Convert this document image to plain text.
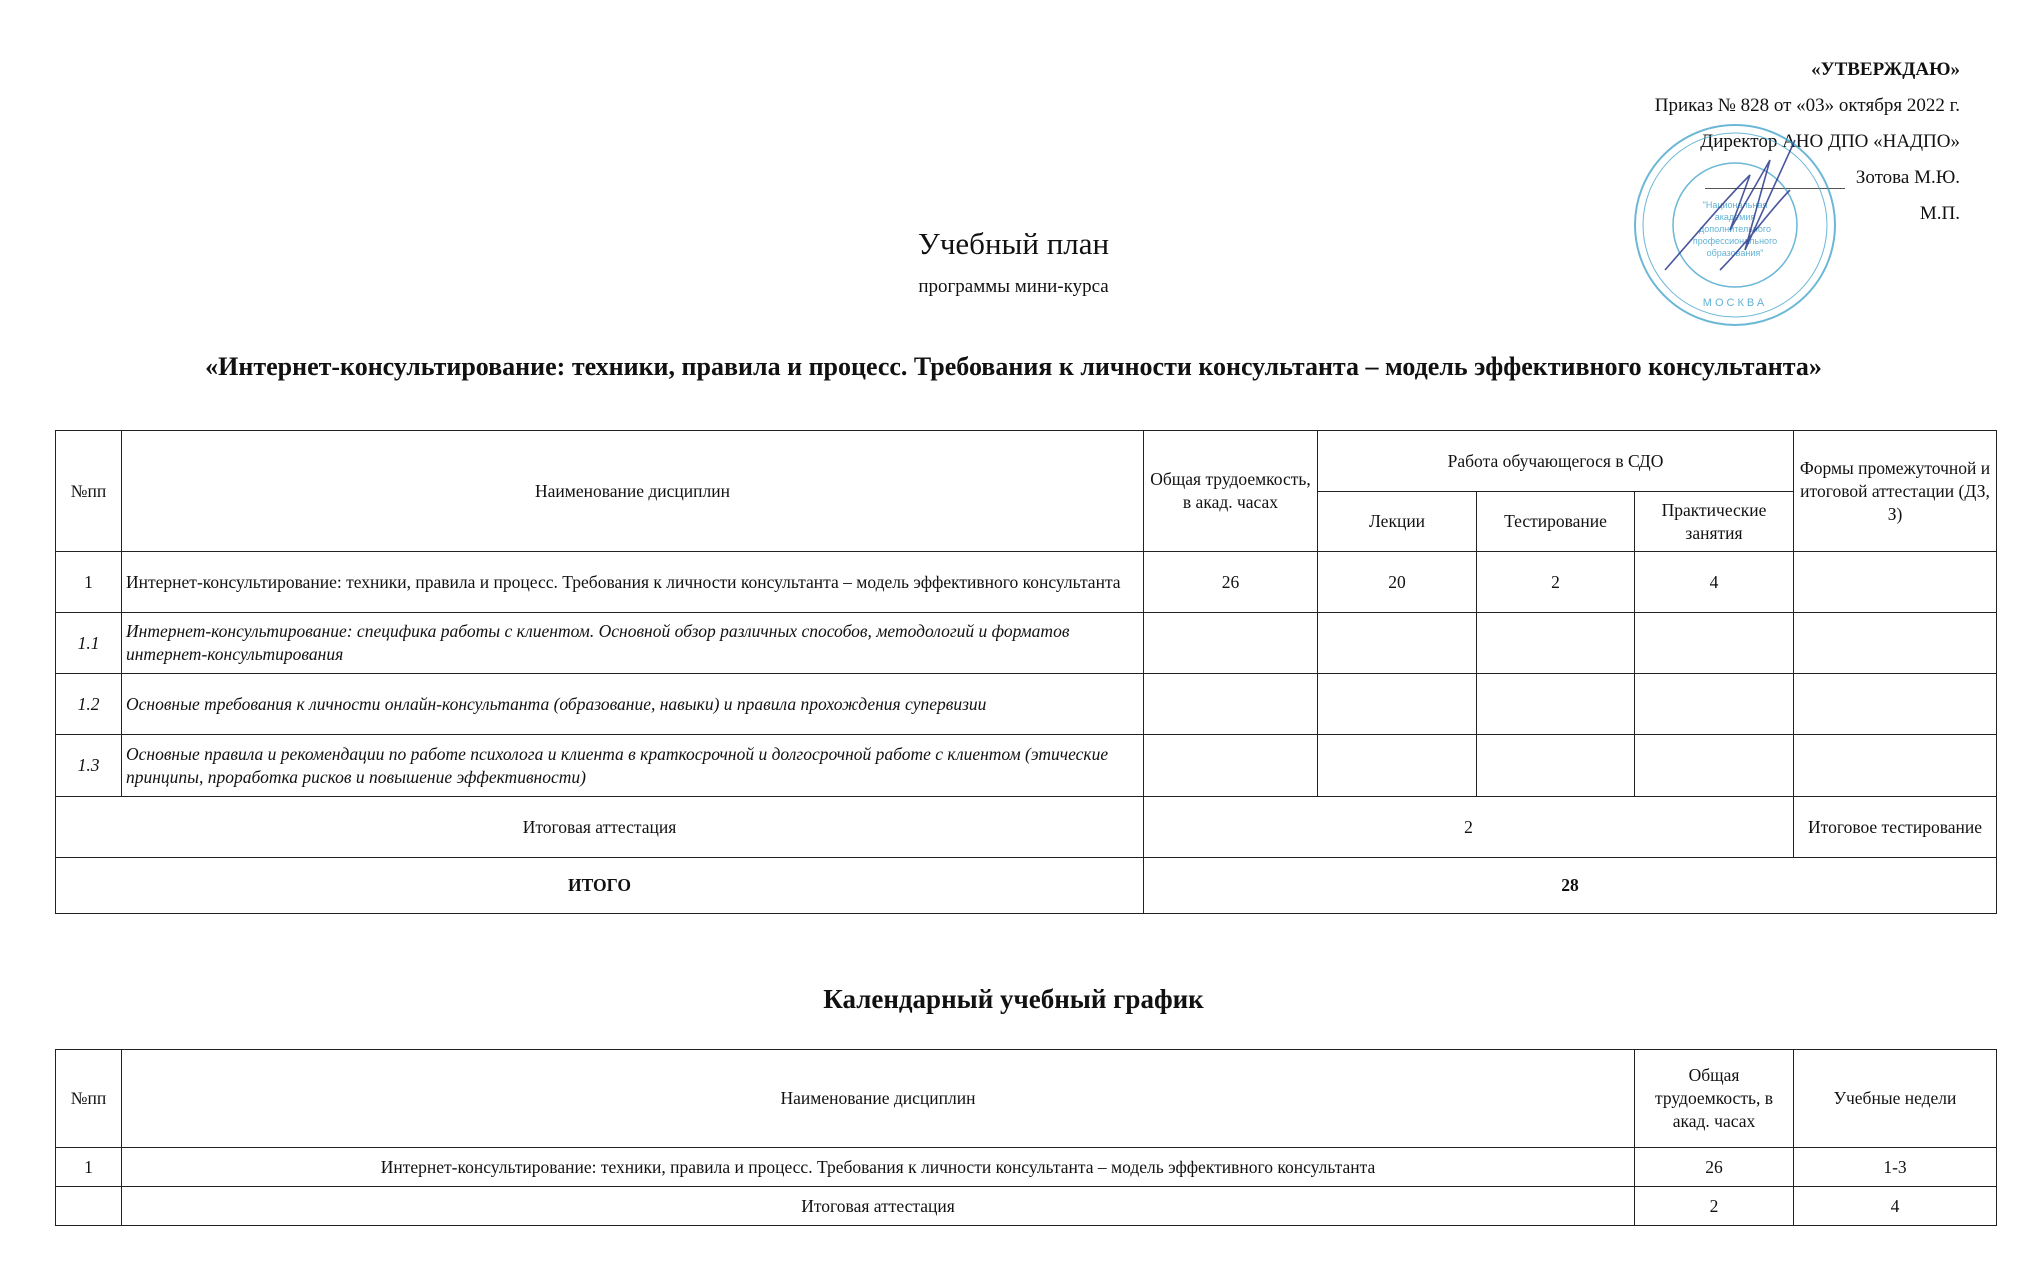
«УТВЕРЖДАЮ»
Приказ № 828 от «03» октября 2022 г.
Директор АНО ДПО «НАДПО»
Зотова М.Ю.
М.П.
"Национальная
академия
дополнительного
профессионального
образования"
МОСКВА
Учебный план
программы мини-курса
«Интернет-консультирование: техники, правила и процесс. Требования к личности консультанта – модель эффективного консультанта»
№пп	Наименование дисциплин	Общая трудоемкость, в акад. часах	Работа обучающегося в СДО			Формы промежуточной и итоговой аттестации (ДЗ, З)
			Лекции	Тестирование	Практические занятия	
1	Интернет-консультирование: техники, правила и процесс. Требования к личности консультанта – модель эффективного консультанта	26	20	2	4	
1.1	Интернет-консультирование: специфика работы с клиентом. Основной обзор различных способов, методологий и форматов интернет-консультирования					
1.2	Основные требования к личности онлайн-консультанта (образование, навыки) и правила прохождения супервизии					
1.3	Основные правила и рекомендации по работе психолога и клиента в краткосрочной и долгосрочной работе с клиентом (этические принципы, проработка рисков и повышение эффективности)					
Итоговая аттестация		2				Итоговое тестирование
ИТОГО		28				
Календарный учебный график
№пп	Наименование дисциплин	Общая трудоемкость, в акад. часах	Учебные недели
1	Интернет-консультирование: техники, правила и процесс. Требования к личности консультанта – модель эффективного консультанта	26	1-3
	Итоговая аттестация	2	4
